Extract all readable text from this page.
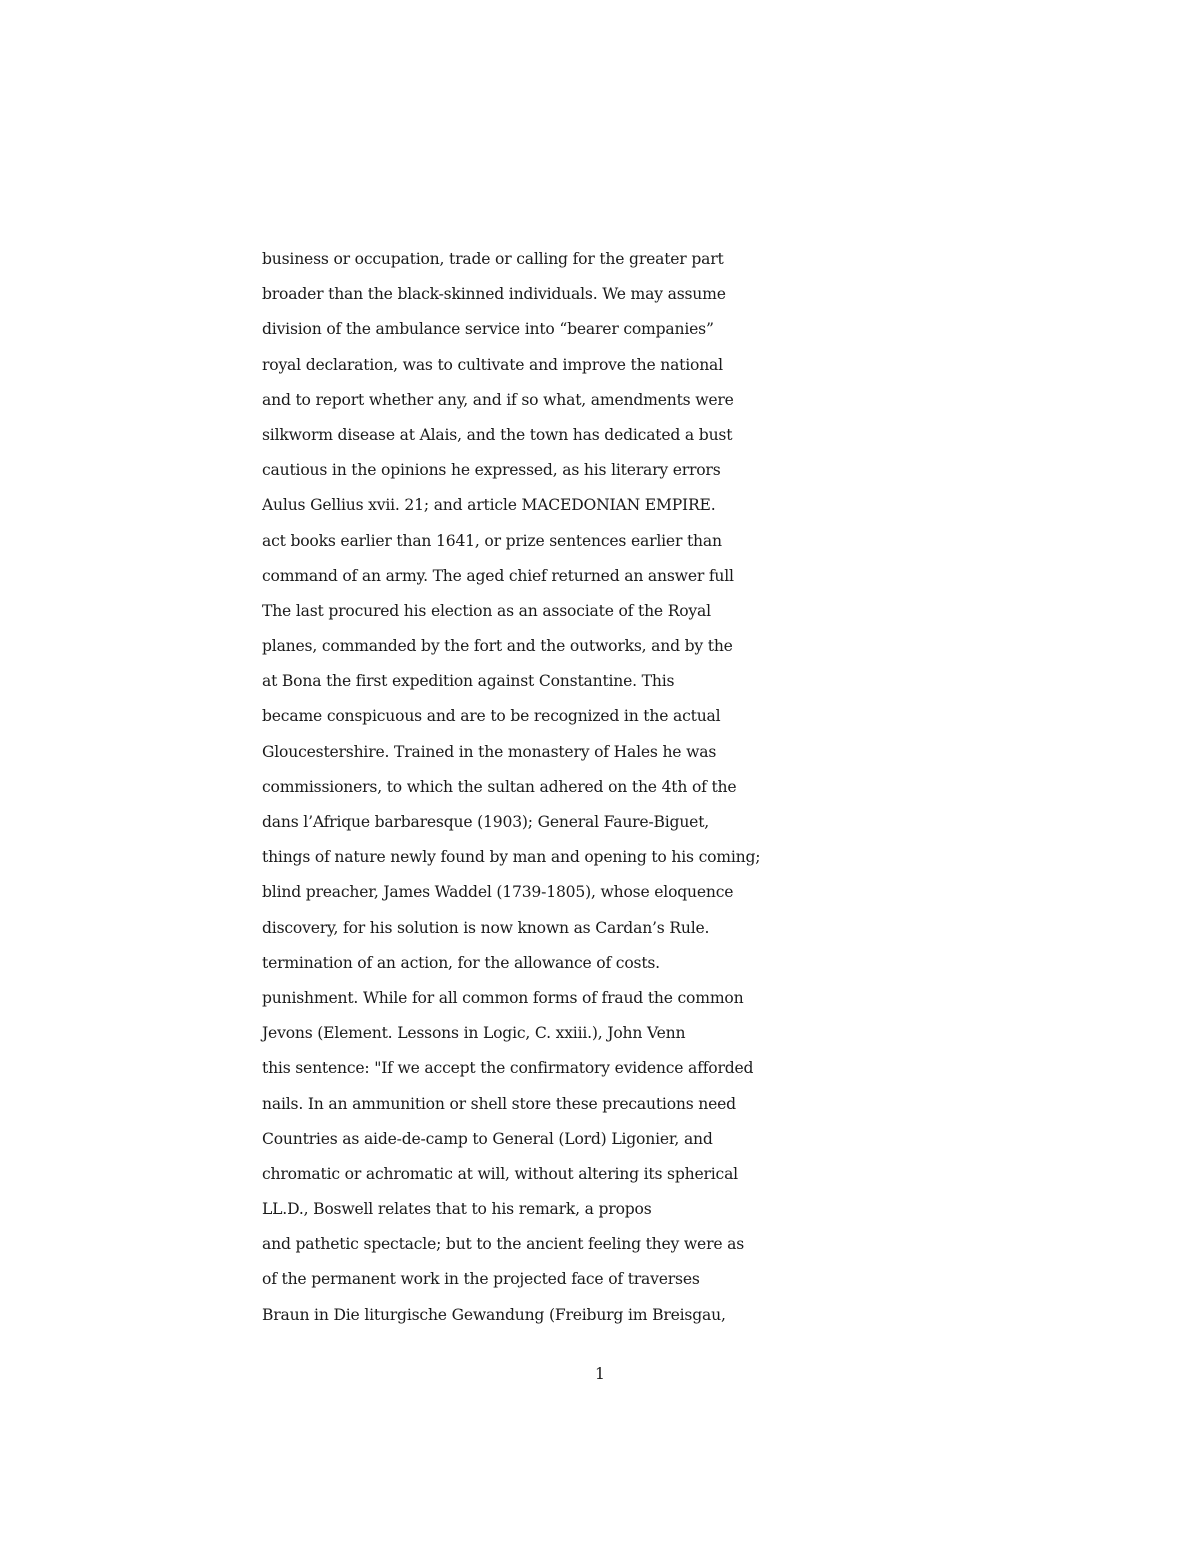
business or occupation, trade or calling for the greater part
broader than the black-skinned individuals. We may assume
division of the ambulance service into “bearer companies”
royal declaration, was to cultivate and improve the national
and to report whether any, and if so what, amendments were
silkworm disease at Alais, and the town has dedicated a bust
cautious in the opinions he expressed, as his literary errors
Aulus Gellius xvii. 21; and article MACEDONIAN EMPIRE.
act books earlier than 1641, or prize sentences earlier than
command of an army. The aged chief returned an answer full
The last procured his election as an associate of the Royal
planes, commanded by the fort and the outworks, and by the
at Bona the first expedition against Constantine. This
became conspicuous and are to be recognized in the actual
Gloucestershire. Trained in the monastery of Hales he was
commissioners, to which the sultan adhered on the 4th of the
dans l’Afrique barbaresque (1903); General Faure-Biguet,
things of nature newly found by man and opening to his coming;
blind preacher, James Waddel (1739-1805), whose eloquence
discovery, for his solution is now known as Cardan’s Rule.
termination of an action, for the allowance of costs.
punishment. While for all common forms of fraud the common
Jevons (Element. Lessons in Logic, C. xxiii.), John Venn
this sentence: "If we accept the confirmatory evidence afforded
nails. In an ammunition or shell store these precautions need
Countries as aide-de-camp to General (Lord) Ligonier, and
chromatic or achromatic at will, without altering its spherical
LL.D., Boswell relates that to his remark, a propos
and pathetic spectacle; but to the ancient feeling they were as
of the permanent work in the projected face of traverses
Braun in Die liturgische Gewandung (Freiburg im Breisgau,
1
